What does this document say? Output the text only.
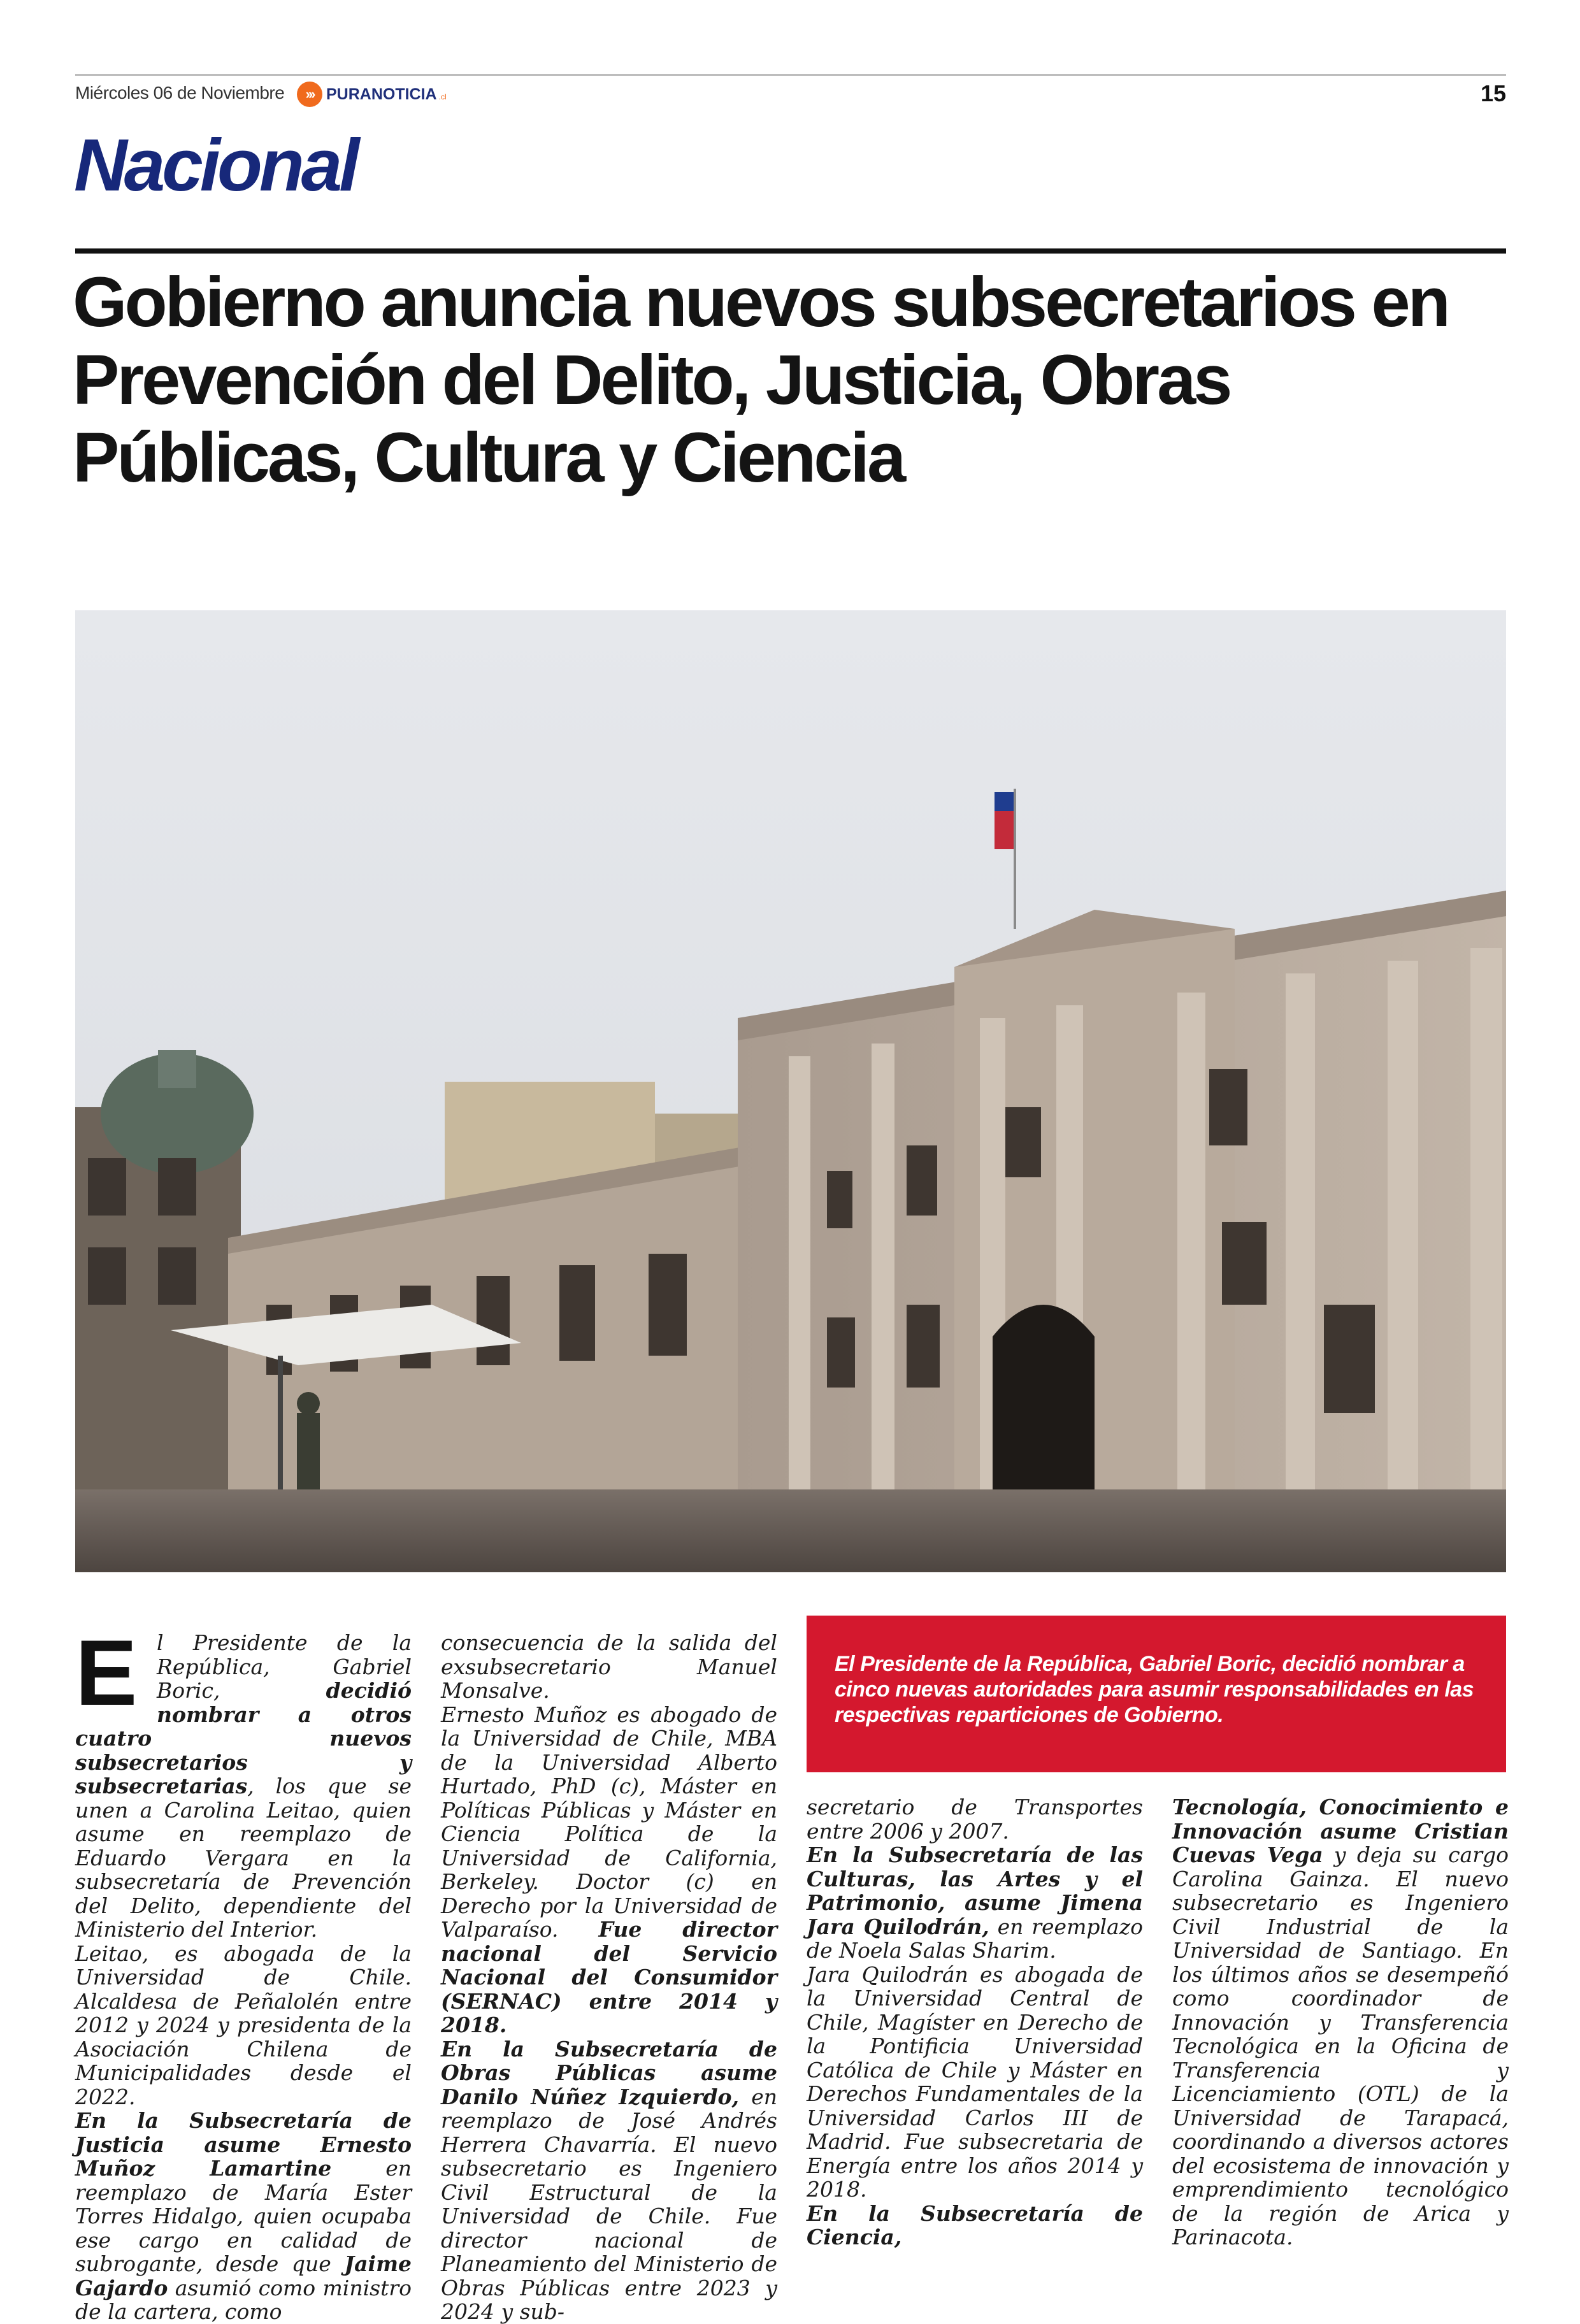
Miércoles 06 de Noviembre	››› PURANOTICIA .cl	15
Nacional
Gobierno anuncia nuevos subsecretarios en Prevención del Delito, Justicia, Obras Públicas, Cultura y Ciencia

El Presidente de la República, Gabriel Boric, decidió nombrar a cinco nuevas autoridades para asumir responsabilidades en las respectivas reparticiones de Gobierno.

El Presidente de la República, Gabriel Boric, decidió nombrar a otros cuatro nuevos subsecretarios y subsecretarias, los que se unen a Carolina Leitao, quien asume en reemplazo de Eduardo Vergara en la subsecretaría de Prevención del Delito, dependiente del Ministerio del Interior.

Leitao, es abogada de la Universidad de Chile. Alcaldesa de Peñalolén entre 2012 y 2024 y presidenta de la Asociación Chilena de Municipalidades desde el 2022.

En la Subsecretaría de Justicia asume Ernesto Muñoz Lamartine en reemplazo de María Ester Torres Hidalgo, quien ocupaba ese cargo en calidad de subrogante, desde que Jaime Gajardo asumió como ministro de la cartera, como

consecuencia de la salida del exsubsecretario Manuel Monsalve.

Ernesto Muñoz es abogado de la Universidad de Chile, MBA de la Universidad Alberto Hurtado, PhD (c), Máster en Políticas Públicas y Máster en Ciencia Política de la Universidad de California, Berkeley. Doctor (c) en Derecho por la Universidad de Valparaíso. Fue director nacional del Servicio Nacional del Consumidor (SERNAC) entre 2014 y 2018.

En la Subsecretaría de Obras Públicas asume Danilo Núñez Izquierdo, en reemplazo de José Andrés Herrera Chavarría. El nuevo subsecretario es Ingeniero Civil Estructural de la Universidad de Chile. Fue director nacional de Planeamiento del Ministerio de Obras Públicas entre 2023 y 2024 y sub-

secretario de Transportes entre 2006 y 2007.

En la Subsecretaría de las Culturas, las Artes y el Patrimonio, asume Jimena Jara Quilodrán, en reemplazo de Noela Salas Sharim.

Jara Quilodrán es abogada de la Universidad Central de Chile, Magíster en Derecho de la Pontificia Universidad Católica de Chile y Máster en Derechos Fundamentales de la Universidad Carlos III de Madrid. Fue subsecretaria de Energía entre los años 2014 y 2018.

En la Subsecretaría de Ciencia,

Tecnología, Conocimiento e Innovación asume Cristian Cuevas Vega y deja su cargo Carolina Gainza. El nuevo subsecretario es Ingeniero Civil Industrial de la Universidad de Santiago. En los últimos años se desempeñó como coordinador de Innovación y Transferencia Tecnológica en la Oficina de Transferencia y Licenciamiento (OTL) de la Universidad de Tarapacá, coordinando a diversos actores del ecosistema de innovación y emprendimiento tecnológico de la región de Arica y Parinacota.
